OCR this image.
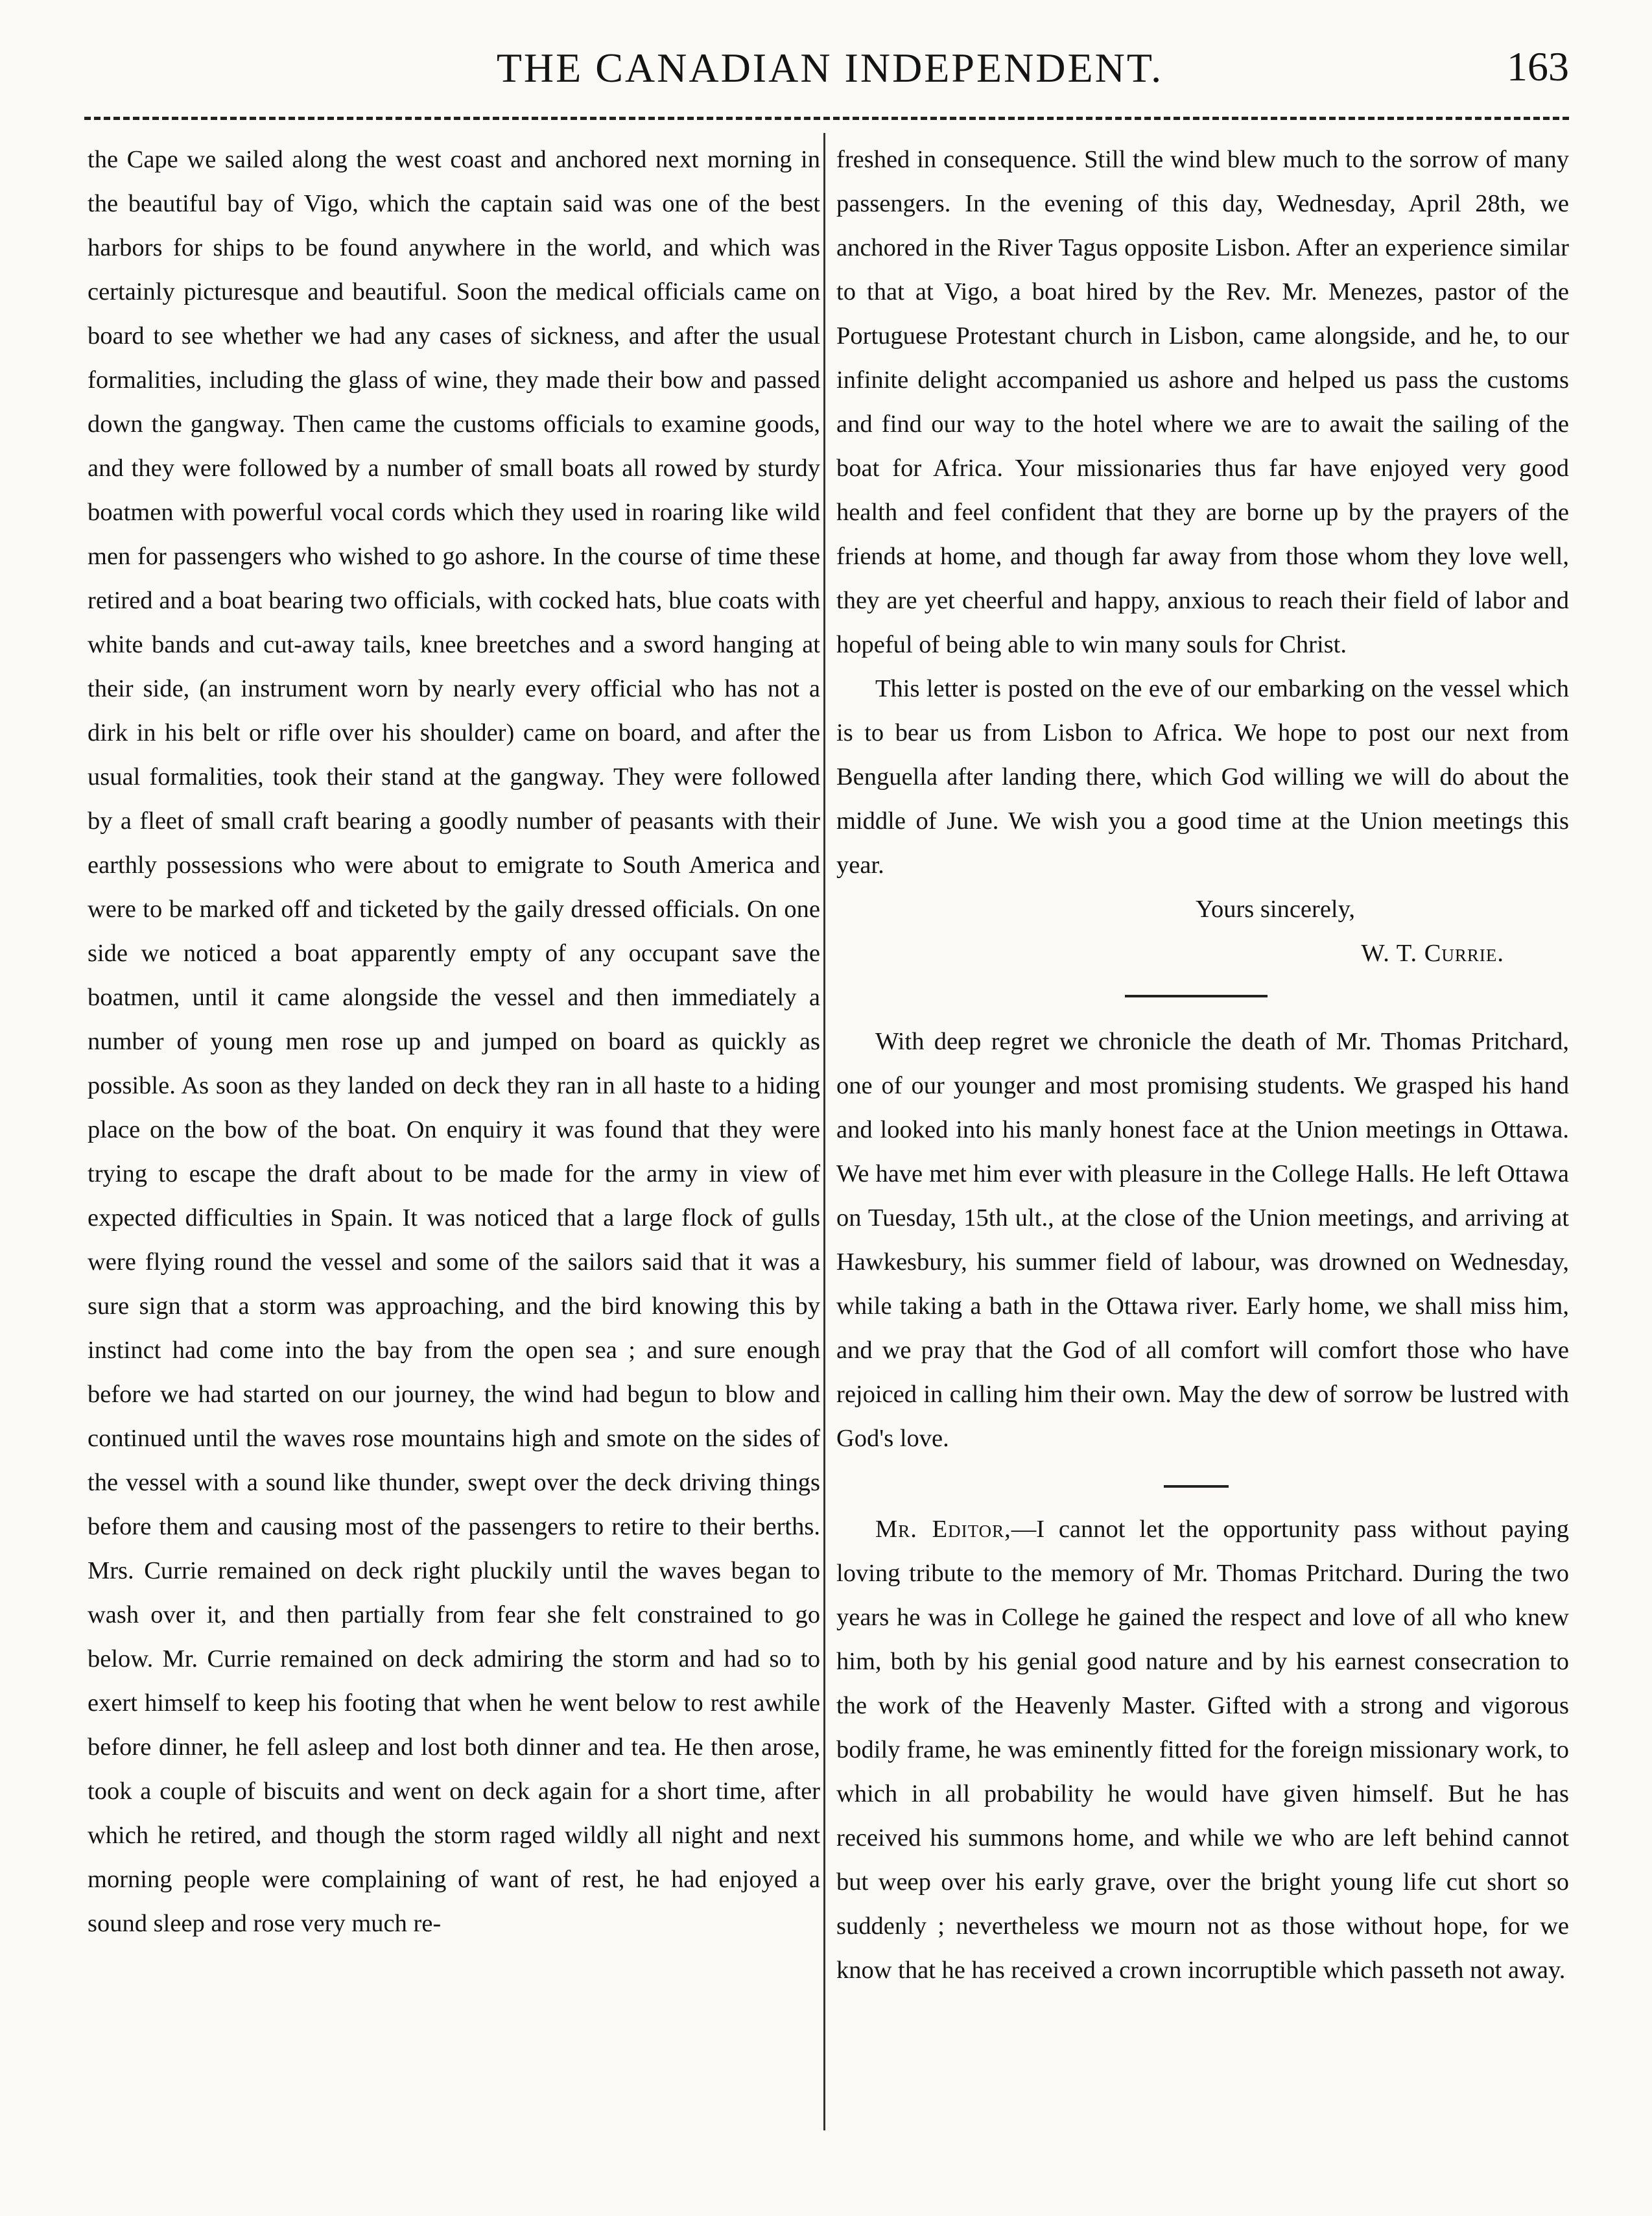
THE CANADIAN INDEPENDENT.	163

the Cape we sailed along the west coast and anchored next morning in the beautiful bay of Vigo, which the captain said was one of the best harbors for ships to be found anywhere in the world, and which was certainly picturesque and beautiful. Soon the medical officials came on board to see whether we had any cases of sickness, and after the usual formalities, including the glass of wine, they made their bow and passed down the gangway. Then came the customs officials to examine goods, and they were followed by a number of small boats all rowed by sturdy boatmen with powerful vocal cords which they used in roaring like wild men for passengers who wished to go ashore. In the course of time these retired and a boat bearing two officials, with cocked hats, blue coats with white bands and cut-away tails, knee breetches and a sword hanging at their side, (an instrument worn by nearly every official who has not a dirk in his belt or rifle over his shoulder) came on board, and after the usual formalities, took their stand at the gangway. They were followed by a fleet of small craft bearing a goodly number of peasants with their earthly possessions who were about to emigrate to South America and were to be marked off and ticketed by the gaily dressed officials. On one side we noticed a boat apparently empty of any occupant save the boatmen, until it came alongside the vessel and then immediately a number of young men rose up and jumped on board as quickly as possible. As soon as they landed on deck they ran in all haste to a hiding place on the bow of the boat. On enquiry it was found that they were trying to escape the draft about to be made for the army in view of expected difficulties in Spain. It was noticed that a large flock of gulls were flying round the vessel and some of the sailors said that it was a sure sign that a storm was approaching, and the bird knowing this by instinct had come into the bay from the open sea ; and sure enough before we had started on our journey, the wind had begun to blow and continued until the waves rose mountains high and smote on the sides of the vessel with a sound like thunder, swept over the deck driving things before them and causing most of the passengers to retire to their berths. Mrs. Currie remained on deck right pluckily until the waves began to wash over it, and then partially from fear she felt constrained to go below. Mr. Currie remained on deck admiring the storm and had so to exert himself to keep his footing that when he went below to rest awhile before dinner, he fell asleep and lost both dinner and tea. He then arose, took a couple of biscuits and went on deck again for a short time, after which he retired, and though the storm raged wildly all night and next morning people were complaining of want of rest, he had enjoyed a sound sleep and rose very much re-

freshed in consequence. Still the wind blew much to the sorrow of many passengers. In the evening of this day, Wednesday, April 28th, we anchored in the River Tagus opposite Lisbon. After an experience similar to that at Vigo, a boat hired by the Rev. Mr. Menezes, pastor of the Portuguese Protestant church in Lisbon, came alongside, and he, to our infinite delight accompanied us ashore and helped us pass the customs and find our way to the hotel where we are to await the sailing of the boat for Africa. Your missionaries thus far have enjoyed very good health and feel confident that they are borne up by the prayers of the friends at home, and though far away from those whom they love well, they are yet cheerful and happy, anxious to reach their field of labor and hopeful of being able to win many souls for Christ.

This letter is posted on the eve of our embarking on the vessel which is to bear us from Lisbon to Africa. We hope to post our next from Benguella after landing there, which God willing we will do about the middle of June. We wish you a good time at the Union meetings this year.

Yours sincerely,

W. T. Currie.

With deep regret we chronicle the death of Mr. Thomas Pritchard, one of our younger and most promising students. We grasped his hand and looked into his manly honest face at the Union meetings in Ottawa. We have met him ever with pleasure in the College Halls. He left Ottawa on Tuesday, 15th ult., at the close of the Union meetings, and arriving at Hawkesbury, his summer field of labour, was drowned on Wednesday, while taking a bath in the Ottawa river. Early home, we shall miss him, and we pray that the God of all comfort will comfort those who have rejoiced in calling him their own. May the dew of sorrow be lustred with God's love.

Mr. Editor,—I cannot let the opportunity pass without paying loving tribute to the memory of Mr. Thomas Pritchard. During the two years he was in College he gained the respect and love of all who knew him, both by his genial good nature and by his earnest consecration to the work of the Heavenly Master. Gifted with a strong and vigorous bodily frame, he was eminently fitted for the foreign missionary work, to which in all probability he would have given himself. But he has received his summons home, and while we who are left behind cannot but weep over his early grave, over the bright young life cut short so suddenly ; nevertheless we mourn not as those without hope, for we know that he has received a crown incorruptible which passeth not away.
